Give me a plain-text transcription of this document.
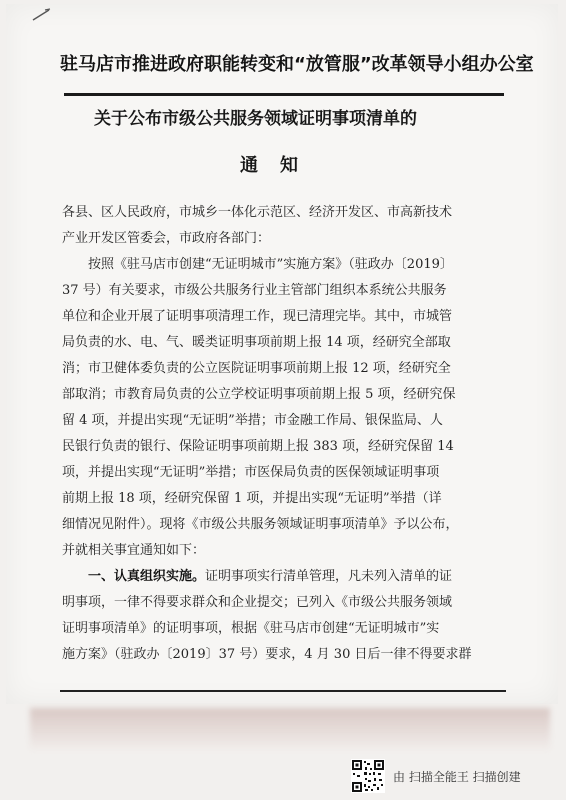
驻马店市推进政府职能转变和“放管服”改革领导小组办公室
关于公布市级公共服务领域证明事项清单的
通知
各县、区人民政府，市城乡一体化示范区、经济开发区、市高新技术
产业开发区管委会，市政府各部门：
按照《驻马店市创建“无证明城市”实施方案》（驻政办〔2019〕
37 号）有关要求，市级公共服务行业主管部门组织本系统公共服务
单位和企业开展了证明事项清理工作，现已清理完毕。其中，市城管
局负责的水、电、气、暖类证明事项前期上报 14 项，经研究全部取
消；市卫健体委负责的公立医院证明事项前期上报 12 项，经研究全
部取消；市教育局负责的公立学校证明事项前期上报 5 项，经研究保
留 4 项，并提出实现“无证明”举措；市金融工作局、银保监局、人
民银行负责的银行、保险证明事项前期上报 383 项，经研究保留 14
项，并提出实现“无证明”举措；市医保局负责的医保领域证明事项
前期上报 18 项，经研究保留 1 项，并提出实现“无证明”举措（详
细情况见附件）。现将《市级公共服务领域证明事项清单》予以公布，
并就相关事宜通知如下：
一、认真组织实施。证明事项实行清单管理，凡未列入清单的证
明事项，一律不得要求群众和企业提交；已列入《市级公共服务领域
证明事项清单》的证明事项，根据《驻马店市创建“无证明城市”实
施方案》（驻政办〔2019〕37 号）要求，4 月 30 日后一律不得要求群
由 扫描全能王 扫描创建
